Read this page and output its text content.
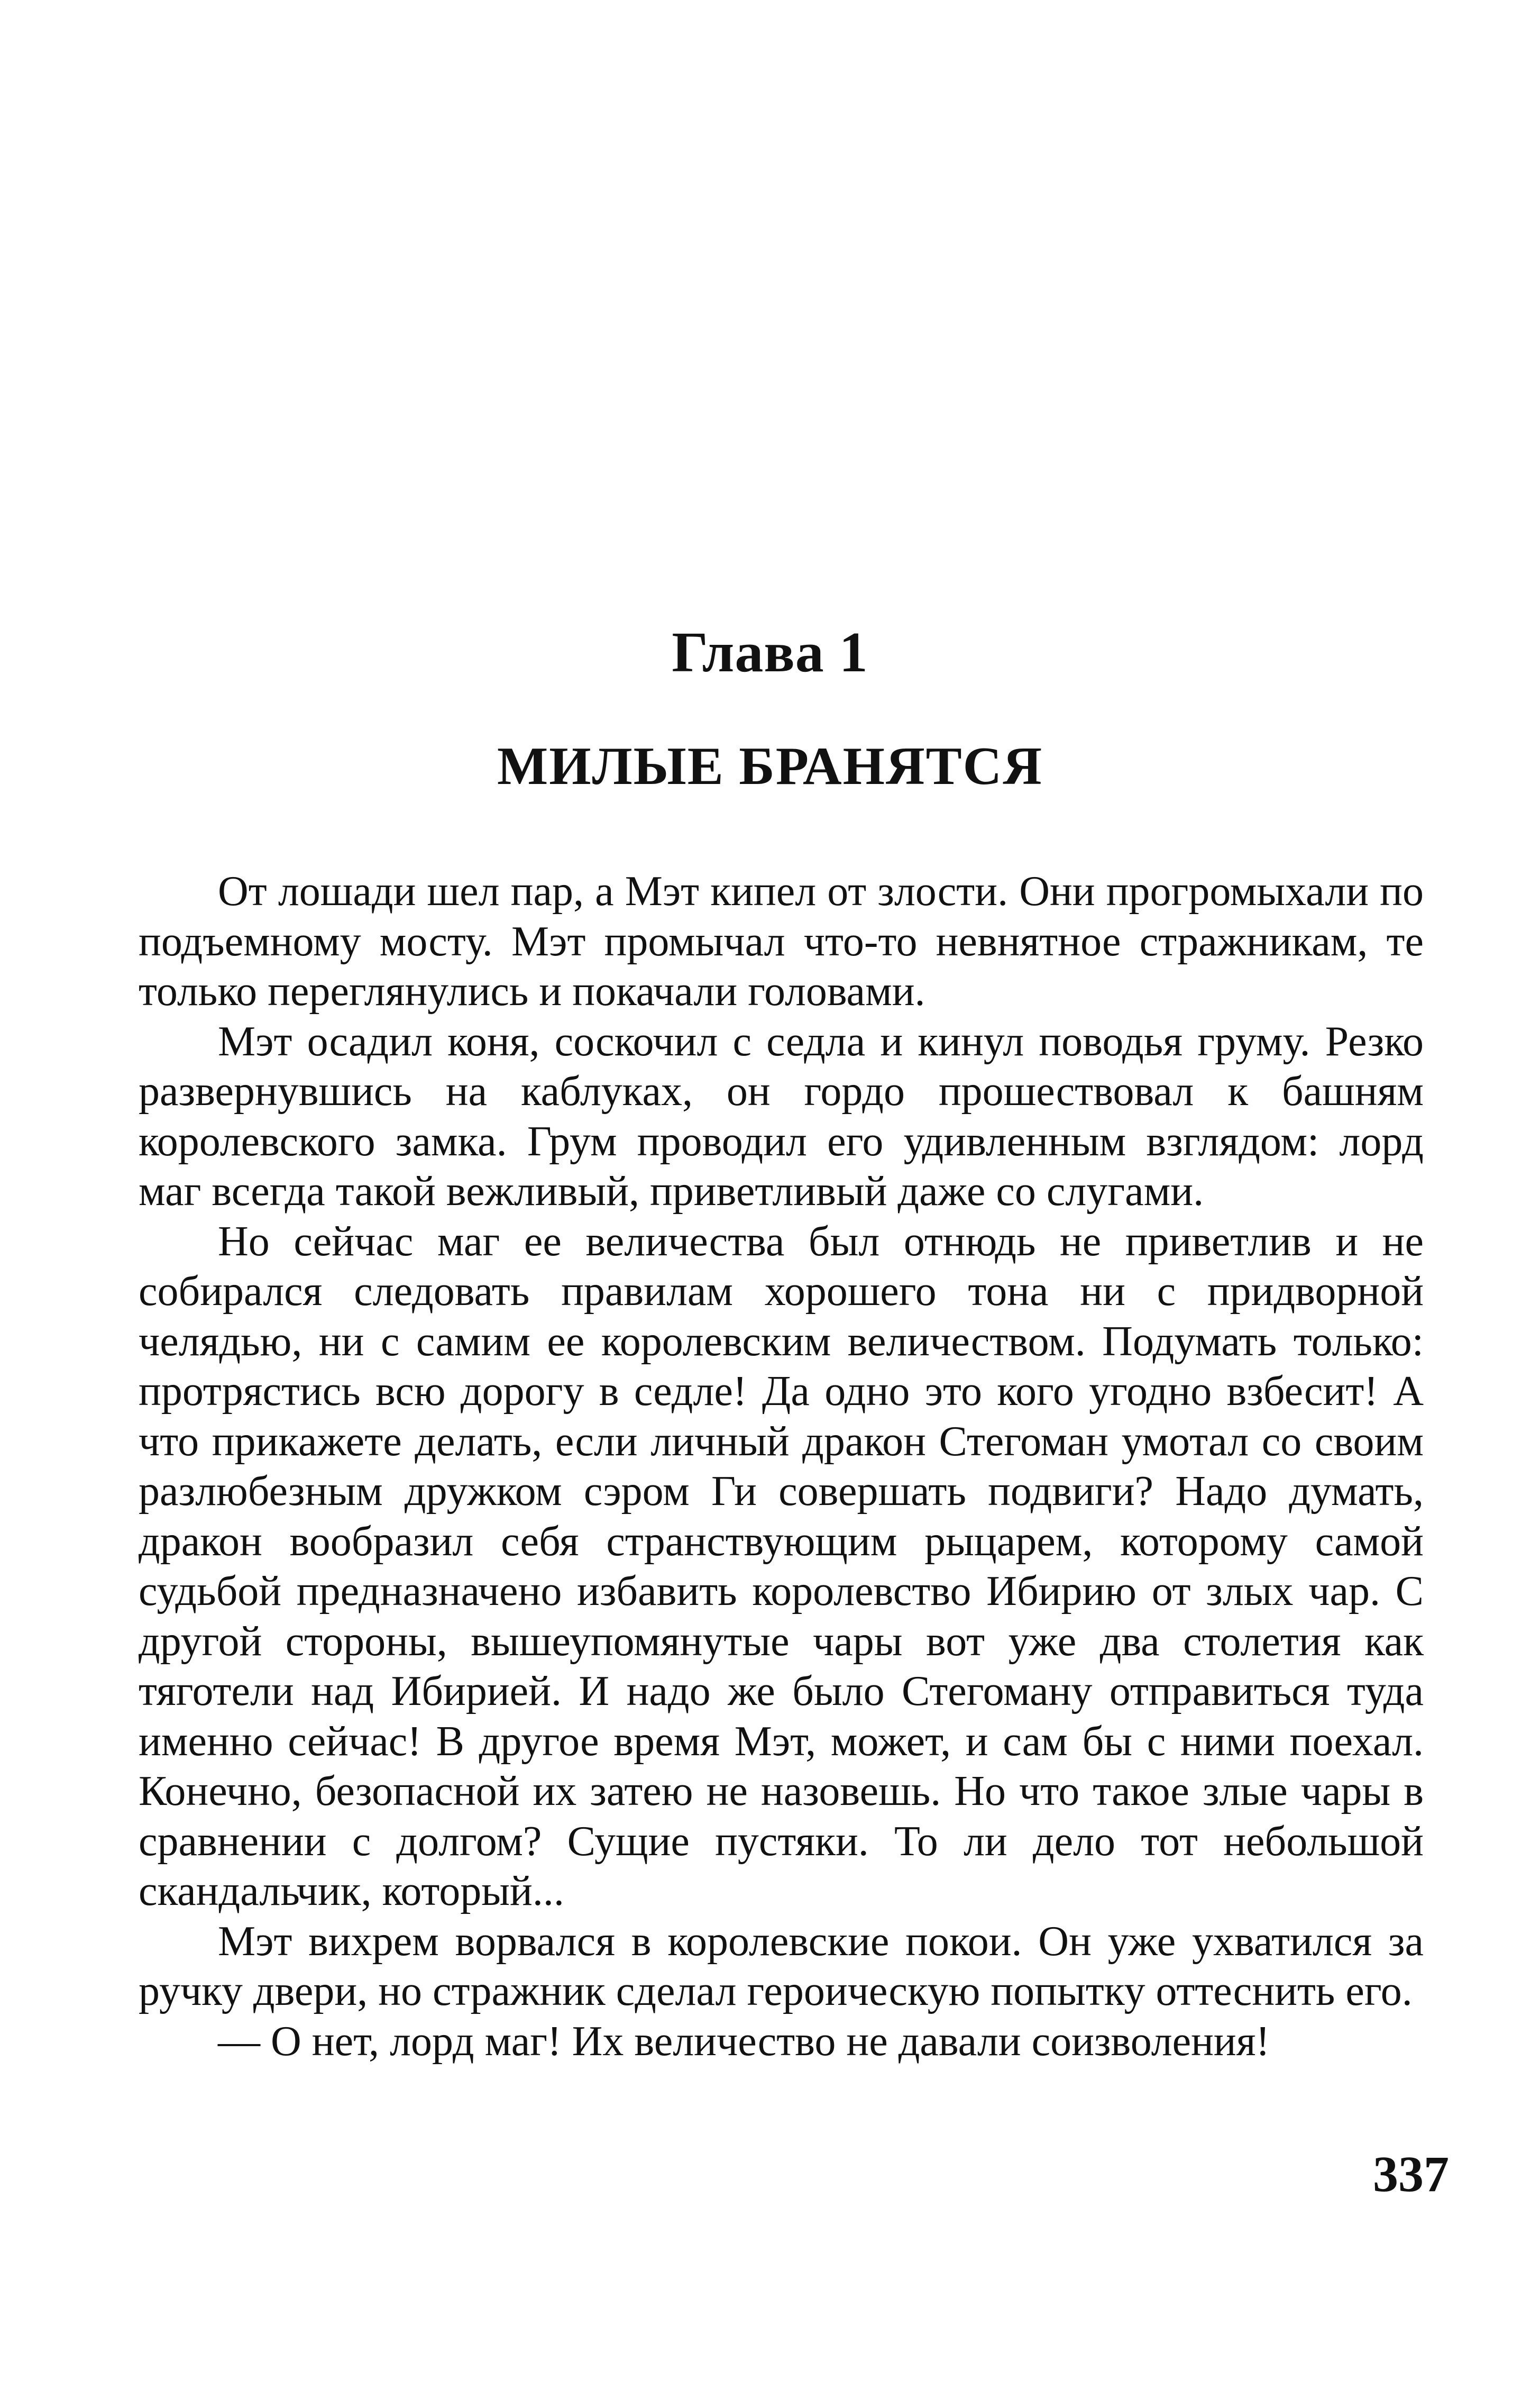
Глава 1
МИЛЫЕ БРАНЯТСЯ

От лошади шел пар, а Мэт кипел от злости. Они прогромыхали по подъемному мосту. Мэт промычал что-то невнятное стражникам, те только переглянулись и покачали головами.

Мэт осадил коня, соскочил с седла и кинул поводья груму. Резко развернувшись на каблуках, он гордо прошествовал к башням королевского замка. Грум проводил его удивленным взглядом: лорд маг всегда такой вежливый, приветливый даже со слугами.

Но сейчас маг ее величества был отнюдь не приветлив и не собирался следовать правилам хорошего тона ни с придворной челядью, ни с самим ее королевским величеством. Подумать только: протрястись всю дорогу в седле! Да одно это кого угодно взбесит! А что прикажете делать, если личный дракон Стегоман умотал со своим разлюбезным дружком сэром Ги совершать подвиги? Надо думать, дракон вообразил себя странствующим рыцарем, которому самой судьбой предназначено избавить королевство Ибирию от злых чар. С другой стороны, вышеупомянутые чары вот уже два столетия как тяготели над Ибирией. И надо же было Стегоману отправиться туда именно сейчас! В другое время Мэт, может, и сам бы с ними поехал. Конечно, безопасной их затею не назовешь. Но что такое злые чары в сравнении с долгом? Сущие пустяки. То ли дело тот небольшой скандальчик, который...

Мэт вихрем ворвался в королевские покои. Он уже ухватился за ручку двери, но стражник сделал героическую попытку оттеснить его.

— О нет, лорд маг! Их величество не давали соизволения!

337
